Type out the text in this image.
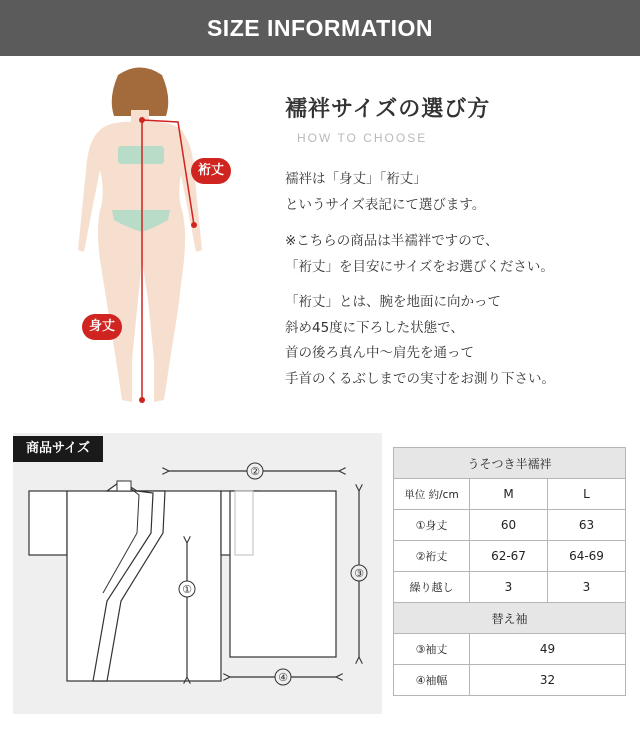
SIZE INFORMATION
裄丈
身丈
襦袢サイズの選び方
HOW TO CHOOSE
襦袢は「身丈」「裄丈」
というサイズ表記にて選びます。
※こちらの商品は半襦袢ですので、
「裄丈」を目安にサイズをお選びください。
「裄丈」とは、腕を地面に向かって
斜め45度に下ろした状態で、
首の後ろ真ん中～肩先を通って
手首のくるぶしまでの実寸をお測り下さい。
商品サイズ
②
③
①
④
うそつき半襦袢		
単位 約/cm	M	L
①身丈	60	63
②裄丈	62-67	64-69
繰り越し	3	3
替え袖		
③袖丈	49	
④袖幅	32	
